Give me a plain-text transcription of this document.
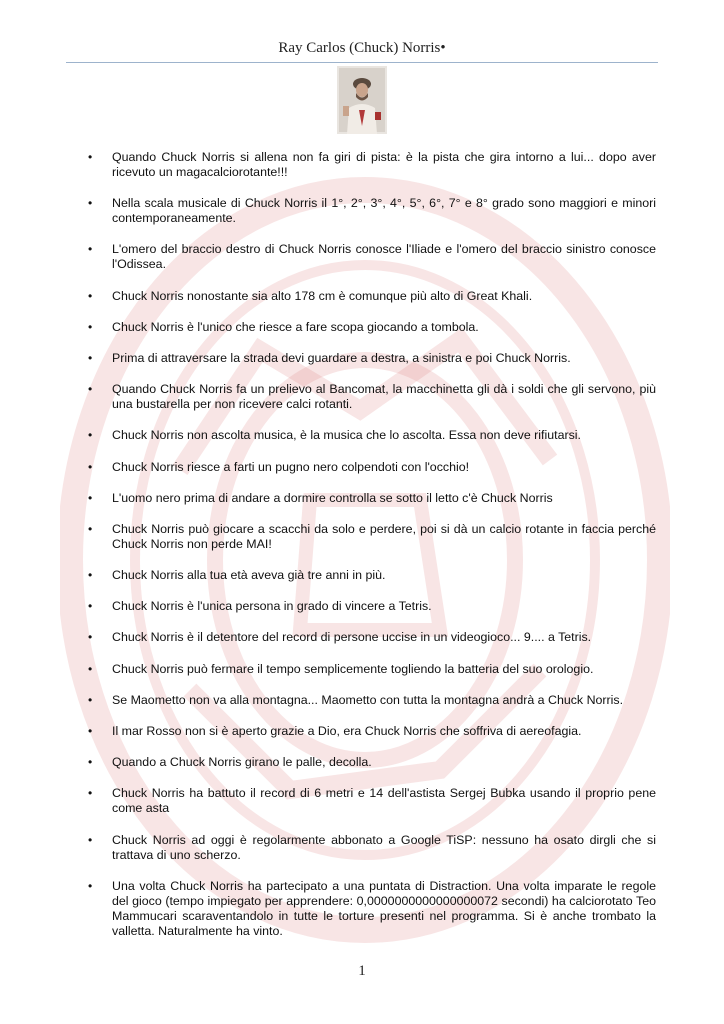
Ray Carlos (Chuck) Norris•
• Quando Chuck Norris si allena non fa giri di pista: è la pista che gira intorno a lui... dopo aver ricevuto un magacalciorotante!!!
• Nella scala musicale di Chuck Norris il 1°, 2°, 3°, 4°, 5°, 6°, 7° e 8° grado sono maggiori e minori contemporaneamente.
• L'omero del braccio destro di Chuck Norris conosce l'Iliade e l'omero del braccio sinistro conosce l'Odissea.
• Chuck Norris nonostante sia alto 178 cm è comunque più alto di Great Khali.
• Chuck Norris è l'unico che riesce a fare scopa giocando a tombola.
• Prima di attraversare la strada devi guardare a destra, a sinistra e poi Chuck Norris.
• Quando Chuck Norris fa un prelievo al Bancomat, la macchinetta gli dà i soldi che gli servono, più una bustarella per non ricevere calci rotanti.
• Chuck Norris non ascolta musica, è la musica che lo ascolta. Essa non deve rifiutarsi.
• Chuck Norris riesce a farti un pugno nero colpendoti con l'occhio!
• L'uomo nero prima di andare a dormire controlla se sotto il letto c'è Chuck Norris
• Chuck Norris può giocare a scacchi da solo e perdere, poi si dà un calcio rotante in faccia perché Chuck Norris non perde MAI!
• Chuck Norris alla tua età aveva già tre anni in più.
• Chuck Norris è l'unica persona in grado di vincere a Tetris.
• Chuck Norris è il detentore del record di persone uccise in un videogioco... 9.... a Tetris.
• Chuck Norris può fermare il tempo semplicemente togliendo la batteria del suo orologio.
• Se Maometto non va alla montagna... Maometto con tutta la montagna andrà a Chuck Norris.
• Il mar Rosso non si è aperto grazie a Dio, era Chuck Norris che soffriva di aereofagia.
• Quando a Chuck Norris girano le palle, decolla.
• Chuck Norris ha battuto il record di 6 metri e 14 dell'astista Sergej Bubka usando il proprio pene come asta
• Chuck Norris ad oggi è regolarmente abbonato a Google TiSP: nessuno ha osato dirgli che si trattava di uno scherzo.
• Una volta Chuck Norris ha partecipato a una puntata di Distraction. Una volta imparate le regole del gioco (tempo impiegato per apprendere: 0,0000000000000000072 secondi) ha calciorotato Teo Mammucari scaraventandolo in tutte le torture presenti nel programma. Si è anche trombato la valletta. Naturalmente ha vinto.
1
